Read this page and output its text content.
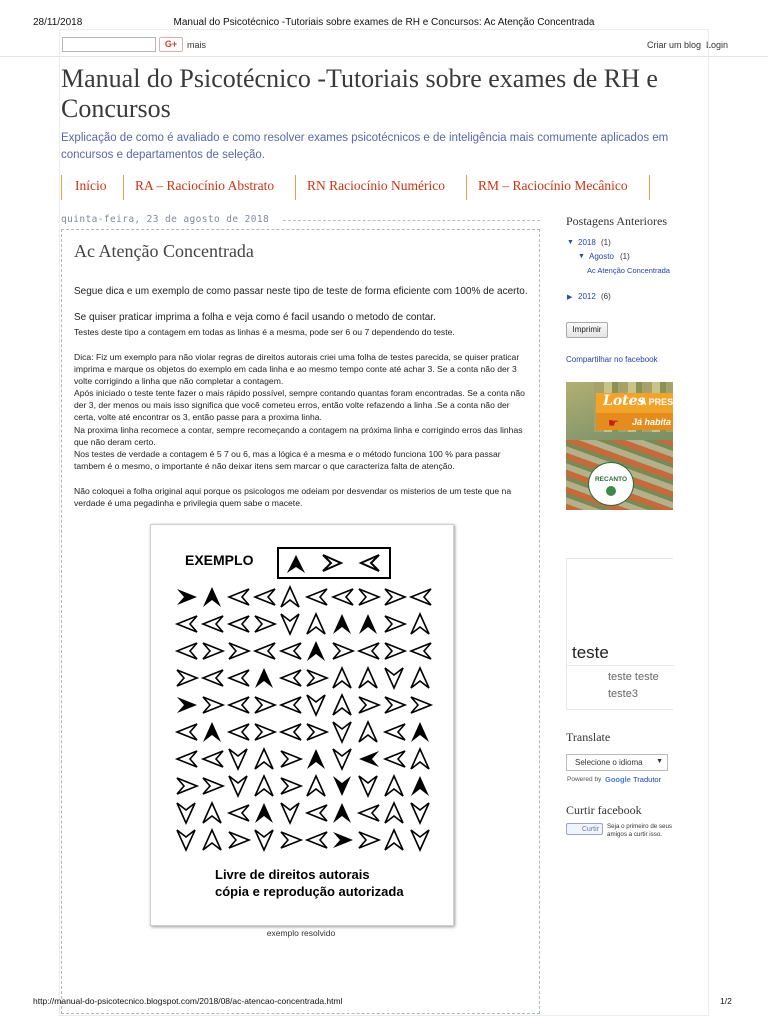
28/11/2018	Manual do Psicotécnico -Tutoriais sobre exames de RH e Concursos: Ac Atenção Concentrada
G+	mais	Criar um blog Login
Manual do Psicotécnico -Tutoriais sobre exames de RH e Concursos
Explicação de como é avaliado e como resolver exames psicotécnicos e de inteligência mais comumente aplicados em concursos e departamentos de seleção.
Início RA – Raciocínio Abstrato RN Raciocínio Numérico RM – Raciocínio Mecânico
quinta-feira, 23 de agosto de 2018
Ac Atenção Concentrada
Segue dica e um exemplo de como passar neste tipo de teste de forma eficiente com 100% de acerto.
Se quiser praticar imprima a folha e veja como é facil usando o metodo de contar.
Testes deste tipo a contagem em todas as linhas é a mesma, pode ser 6 ou 7 dependendo do teste.
Dica: Fiz um exemplo para não violar regras de direitos autorais criei uma folha de testes parecida, se quiser praticar imprima e marque os objetos do exemplo em cada linha e ao mesmo tempo conte até achar 3. Se a conta não der 3 volte corrigindo a linha que não completar a contagem.
Após iniciado o teste tente fazer o mais rápido possível, sempre contando quantas foram encontradas. Se a conta não der 3, der menos ou mais isso significa que você cometeu erros, então volte refazendo a linha .Se a conta não der certa, volte até encontrar os 3, então passe para a proxima linha.
Na proxima linha recomece a contar, sempre recomeçando a contagem na próxima linha e corrigindo erros das linhas que não deram certo.
Nos testes de verdade a contagem é 5 7 ou 6, mas a lógica é a mesma e o método funciona 100 % para passar tambem é o mesmo, o importante é não deixar itens sem marcar o que caracteriza falta de atenção.
Não coloquei a folha original aqui porque os psicologos me odeiam por desvendar os misterios de um teste que na verdade é uma pegadinha e privilegia quem sabe o macete.
EXEMPLO
Livre de direitos autorais
cópia e reprodução autorizada
exemplo resolvido
Postagens Anteriores
▼ 2018 (1)
▼ Agosto (1)
Ac Atenção Concentrada
▶ 2012 (6)
Imprimir
Compartilhar no facebook
Lotes
A PRESTA
Já habita
☛
RECANTO
teste
teste teste
teste3
Translate
Selecione o idioma ▼
Powered by Google Tradutor
Curtir facebook
Curtir	Seja o primeiro de seus amigos a curtir isso.
http://manual-do-psicotecnico.blogspot.com/2018/08/ac-atencao-concentrada.html	1/2
